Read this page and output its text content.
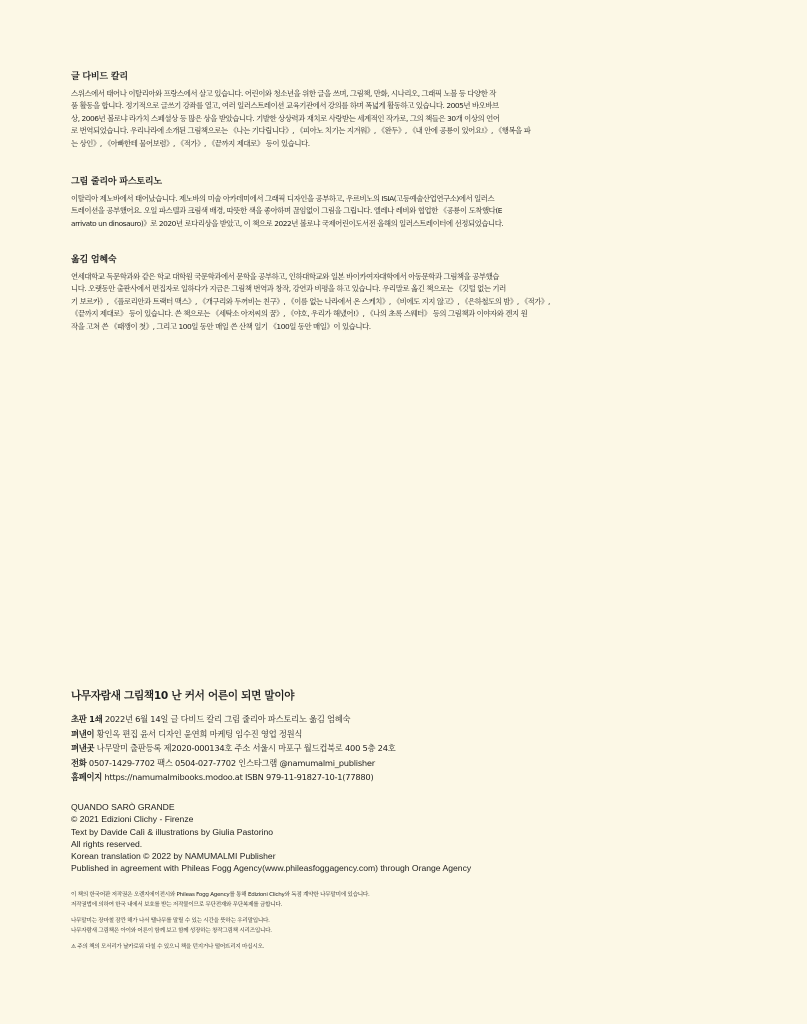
글 다비드 칼리

스위스에서 태어나 이탈리아와 프랑스에서 살고 있습니다. 어린이와 청소년을 위한 글을 쓰며, 그림책, 만화, 시나리오, 그래픽 노블 등 다양한 작
품 활동을 합니다. 정기적으로 글쓰기 강좌를 열고, 여러 일러스트레이션 교육기관에서 강의를 하며 폭넓게 활동하고 있습니다. 2005년 바오바브
상, 2006년 볼로냐 라가치 스페셜상 등 많은 상을 받았습니다. 기발한 상상력과 재치로 사랑받는 세계적인 작가로, 그의 책들은 30개 이상의 언어
로 번역되었습니다. 우리나라에 소개된 그림책으로는 《나는 기다립니다》, 《피아노 치기는 지겨워》, 《완두》, 《내 안에 공룡이 있어요!》, 《행복을 파
는 상인》, 《아빠한테 물어보렴》, 《적가》, 《끝까지 제대로》 등이 있습니다.

그림 줄리아 파스토리노

이탈리아 제노바에서 태어났습니다. 제노바의 미술 아카데미에서 그래픽 디자인을 공부하고, 우르비노의 ISIA(고등예술산업연구소)에서 일러스
트레이션을 공부했어요. 오일 파스텔과 크림색 배경, 따뜻한 색을 좋아하며 끊임없이 그림을 그립니다. 엘레나 레비와 협업한 《공룡이 도착했다(E
arrivato un dinosauro)》로 2020년 로다리상을 받았고, 이 책으로 2022년 볼로냐 국제어린이도서전 올해의 일러스트레이터에 선정되었습니다.

옮김 엄혜숙

연세대학교 독문학과와 같은 학교 대학원 국문학과에서 문학을 공부하고, 인하대학교와 일본 바이카여자대학에서 아동문학과 그림책을 공부했습
니다. 오랫동안 출판사에서 편집자로 일하다가 지금은 그림책 번역과 창작, 강연과 비평을 하고 있습니다. 우리말로 옮긴 책으로는 《깃털 없는 기러
기 보르카》, 《플로리안과 트랙터 맥스》, 《개구리와 두꺼비는 친구》, 《이름 없는 나라에서 온 스케치》, 《비에도 지지 않고》, 《은하철도의 밤》, 《적가》,
《끝까지 제대로》 등이 있습니다. 쓴 책으로는 《세탁소 아저씨의 꿈》, 《야호, 우리가 해냈어!》, 《나의 초록 스웨터》 등의 그림책과 이야자와 겐지 원
작을 고쳐 쓴 《때깽이 첫》, 그리고 100일 동안 매일 쓴 산책 일기 《100일 동안 매일》이 있습니다.

나무자람새 그림책10 난 커서 어른이 되면 말이야
초판 1쇄 2022년 6월 14일 글 다비드 칼리 그림 줄리아 파스토리노 옮김 엄혜숙
펴낸이 황인옥 편집 윤서 디자인 윤연희 마케팅 임수진 영업 정원식
펴낸곳 나무말미 출판등록 제2020-000134호 주소 서울시 마포구 월드컵북로 400 5층 24호
전화 0507-1429-7702 팩스 0504-027-7702 인스타그램 @namumalmi_publisher
홈페이지 https://namumalmibooks.modoo.at ISBN 979-11-91827-10-1(77880)
QUANDO SARÒ GRANDE
© 2021 Edizioni Clichy - Firenze
Text by Davide Calì & illustrations by Giulia Pastorino
All rights reserved.
Korean translation © 2022 by NAMUMALMI Publisher
Published in agreement with Phileas Fogg Agency(www.phileasfoggagency.com) through Orange Agency
이 책의 한국어판 저작권은 오렌지에이전시와 Phileas Fogg Agency를 통해 Edizioni Clichy와 독점 계약한 나무말미에 있습니다.
저작권법에 의하여 한국 내에서 보호를 받는 저작물이므로 무단전재와 무단복제를 금합니다.
나무말미는 장마철 잠깐 해가 나서 땔나무를 말릴 수 있는 시간을 뜻하는 우리말입니다.
나무자람새 그림책은 아이와 어른이 함께 보고 함께 성장하는 창작그림책 시리즈입니다.
⚠ 주의 책의 모서리가 날카로워 다칠 수 있으니 책을 던지거나 떨어뜨리지 마십시오.
